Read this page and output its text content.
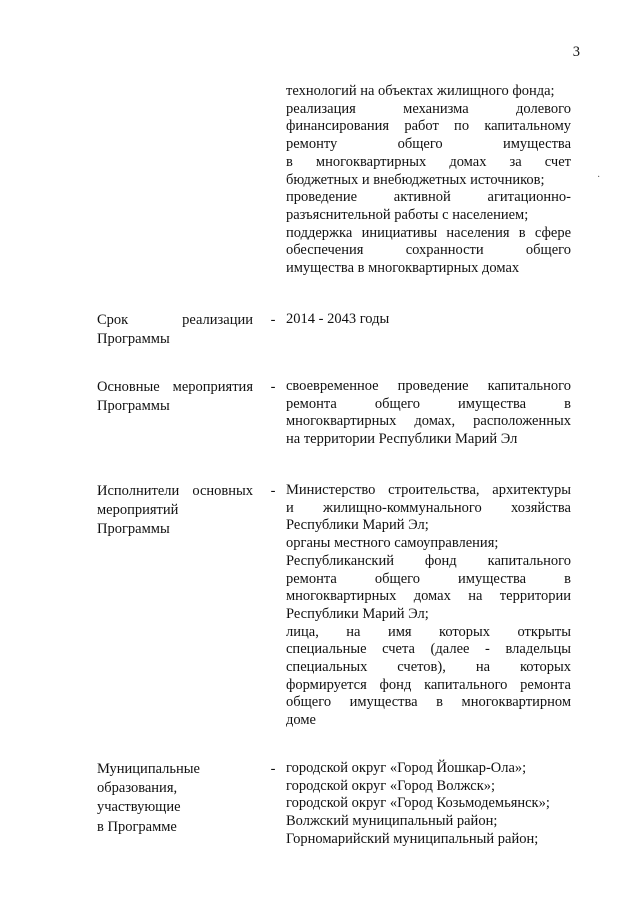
3
·
технологий на объектах жилищного фонда;
реализация механизма долевого
финансирования работ по капитальному
ремонту общего имущества
в многоквартирных домах за счет
бюджетных и внебюджетных источников;
проведение активной агитационно-
разъяснительной работы с населением;
поддержка инициативы населения в сфере
обеспечения сохранности общего
имущества в многоквартирных домах
Срок реализации
Программы
- 2014 - 2043 годы
Основные мероприятия
Программы
- своевременное проведение капитального
ремонта общего имущества в
многоквартирных домах, расположенных
на территории Республики Марий Эл
Исполнители основных
мероприятий
Программы
- Министерство строительства, архитектуры
и жилищно-коммунального хозяйства
Республики Марий Эл;
органы местного самоуправления;
Республиканский фонд капитального
ремонта общего имущества в
многоквартирных домах на территории
Республики Марий Эл;
лица, на имя которых открыты
специальные счета (далее - владельцы
специальных счетов), на которых
формируется фонд капитального ремонта
общего имущества в многоквартирном
доме
Муниципальные
образования,
участвующие
в Программе
- городской округ «Город Йошкар-Ола»;
городской округ «Город Волжск»;
городской округ «Город Козьмодемьянск»;
Волжский муниципальный район;
Горномарийский муниципальный район;
